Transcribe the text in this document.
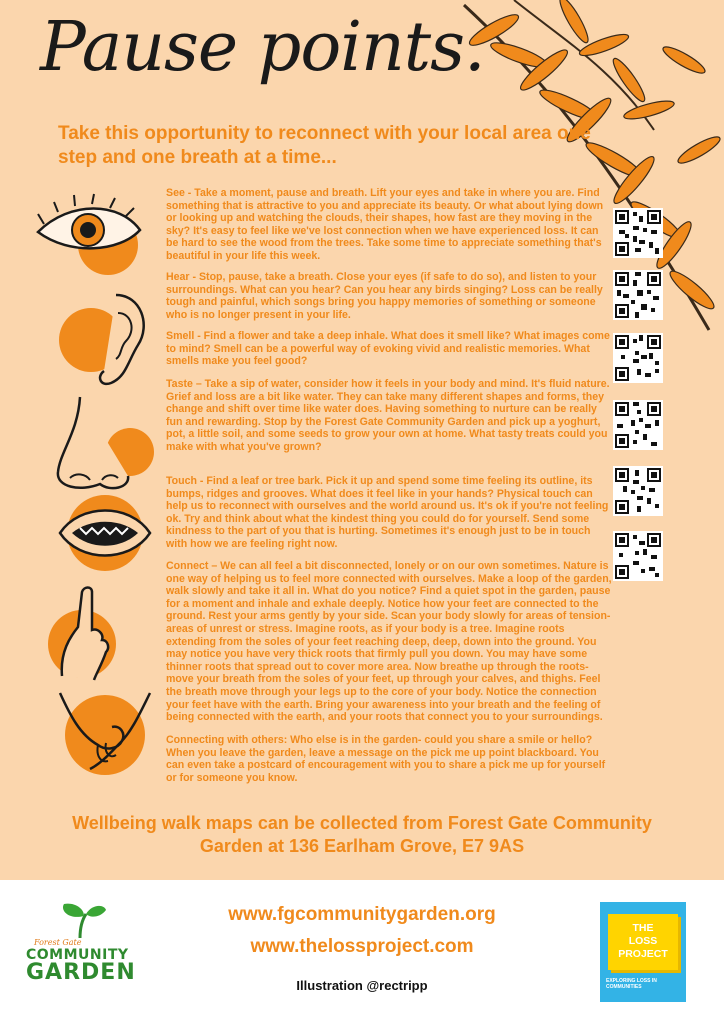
Pause points.
Take this opportunity to reconnect with your local area one step and one breath at a time...
See - Take a moment, pause and breath. Lift your eyes and take in where you are. Find something that is attractive to you and appreciate its beauty. Or what about lying down or looking up and watching the clouds, their shapes, how fast are they moving in the sky? It's easy to feel like we've lost connection when we have experienced loss. It can be hard to see the wood from the trees. Take some time to appreciate something that's beautiful in your life this week.
Hear - Stop, pause, take a breath. Close your eyes (if safe to do so), and listen to your surroundings. What can you hear? Can you hear any birds singing? Loss can be really tough and painful, which songs bring you happy memories of something or someone who is no longer present in your life.
Smell - Find a flower and take a deep inhale. What does it smell like? What images come to mind? Smell can be a powerful way of evoking vivid and realistic memories. What smells make you feel good?
Taste – Take a sip of water, consider how it feels in your body and mind. It's fluid nature. Grief and loss are a bit like water. They can take many different shapes and forms, they change and shift over time like water does. Having something to nurture can be really fun and rewarding. Stop by the Forest Gate Community Garden and pick up a yoghurt, pot, a little soil, and some seeds to grow your own at home. What tasty treats could you make with what you've grown?
Touch - Find a leaf or tree bark. Pick it up and spend some time feeling its outline, its bumps, ridges and grooves. What does it feel like in your hands? Physical touch can help us to reconnect with ourselves and the world around us. It's ok if you're not feeling ok. Try and think about what the kindest thing you could do for yourself. Send some kindness to the part of you that is hurting. Sometimes it's enough just to be in touch with how we are feeling right now.
Connect – We can all feel a bit disconnected, lonely or on our own sometimes. Nature is one way of helping us to feel more connected with ourselves. Make a loop of the garden, walk slowly and take it all in. What do you notice? Find a quiet spot in the garden, pause for a moment and inhale and exhale deeply. Notice how your feet are connected to the ground. Rest your arms gently by your side. Scan your body slowly for areas of tension- areas of unrest or stress. Imagine roots, as if your body is a tree. Imagine roots extending from the soles of your feet reaching deep, deep, down into the ground. You may notice you have very thick roots that firmly pull you down. You may have some thinner roots that spread out to cover more area. Now breathe up through the roots- move your breath from the soles of your feet, up through your calves, and thighs. Feel the breath move through your legs up to the core of your body. Notice the connection your feet have with the earth. Bring your awareness into your breath and the feeling of being connected with the earth, and your roots that connect you to your surroundings.
Connecting with others: Who else is in the garden- could you share a smile or hello? When you leave the garden, leave a message on the pick me up point blackboard. You can even take a postcard of encouragement with you to share a pick me up for yourself or for someone you know.
Wellbeing walk maps can be collected from Forest Gate Community Garden at 136 Earlham Grove, E7 9AS
Forest Gate
COMMUNITY
GARDEN
www.fgcommunitygarden.org
www.thelossproject.com
Illustration @rectripp
THE
LOSS
PROJECT
EXPLORING LOSS IN COMMUNITIES
